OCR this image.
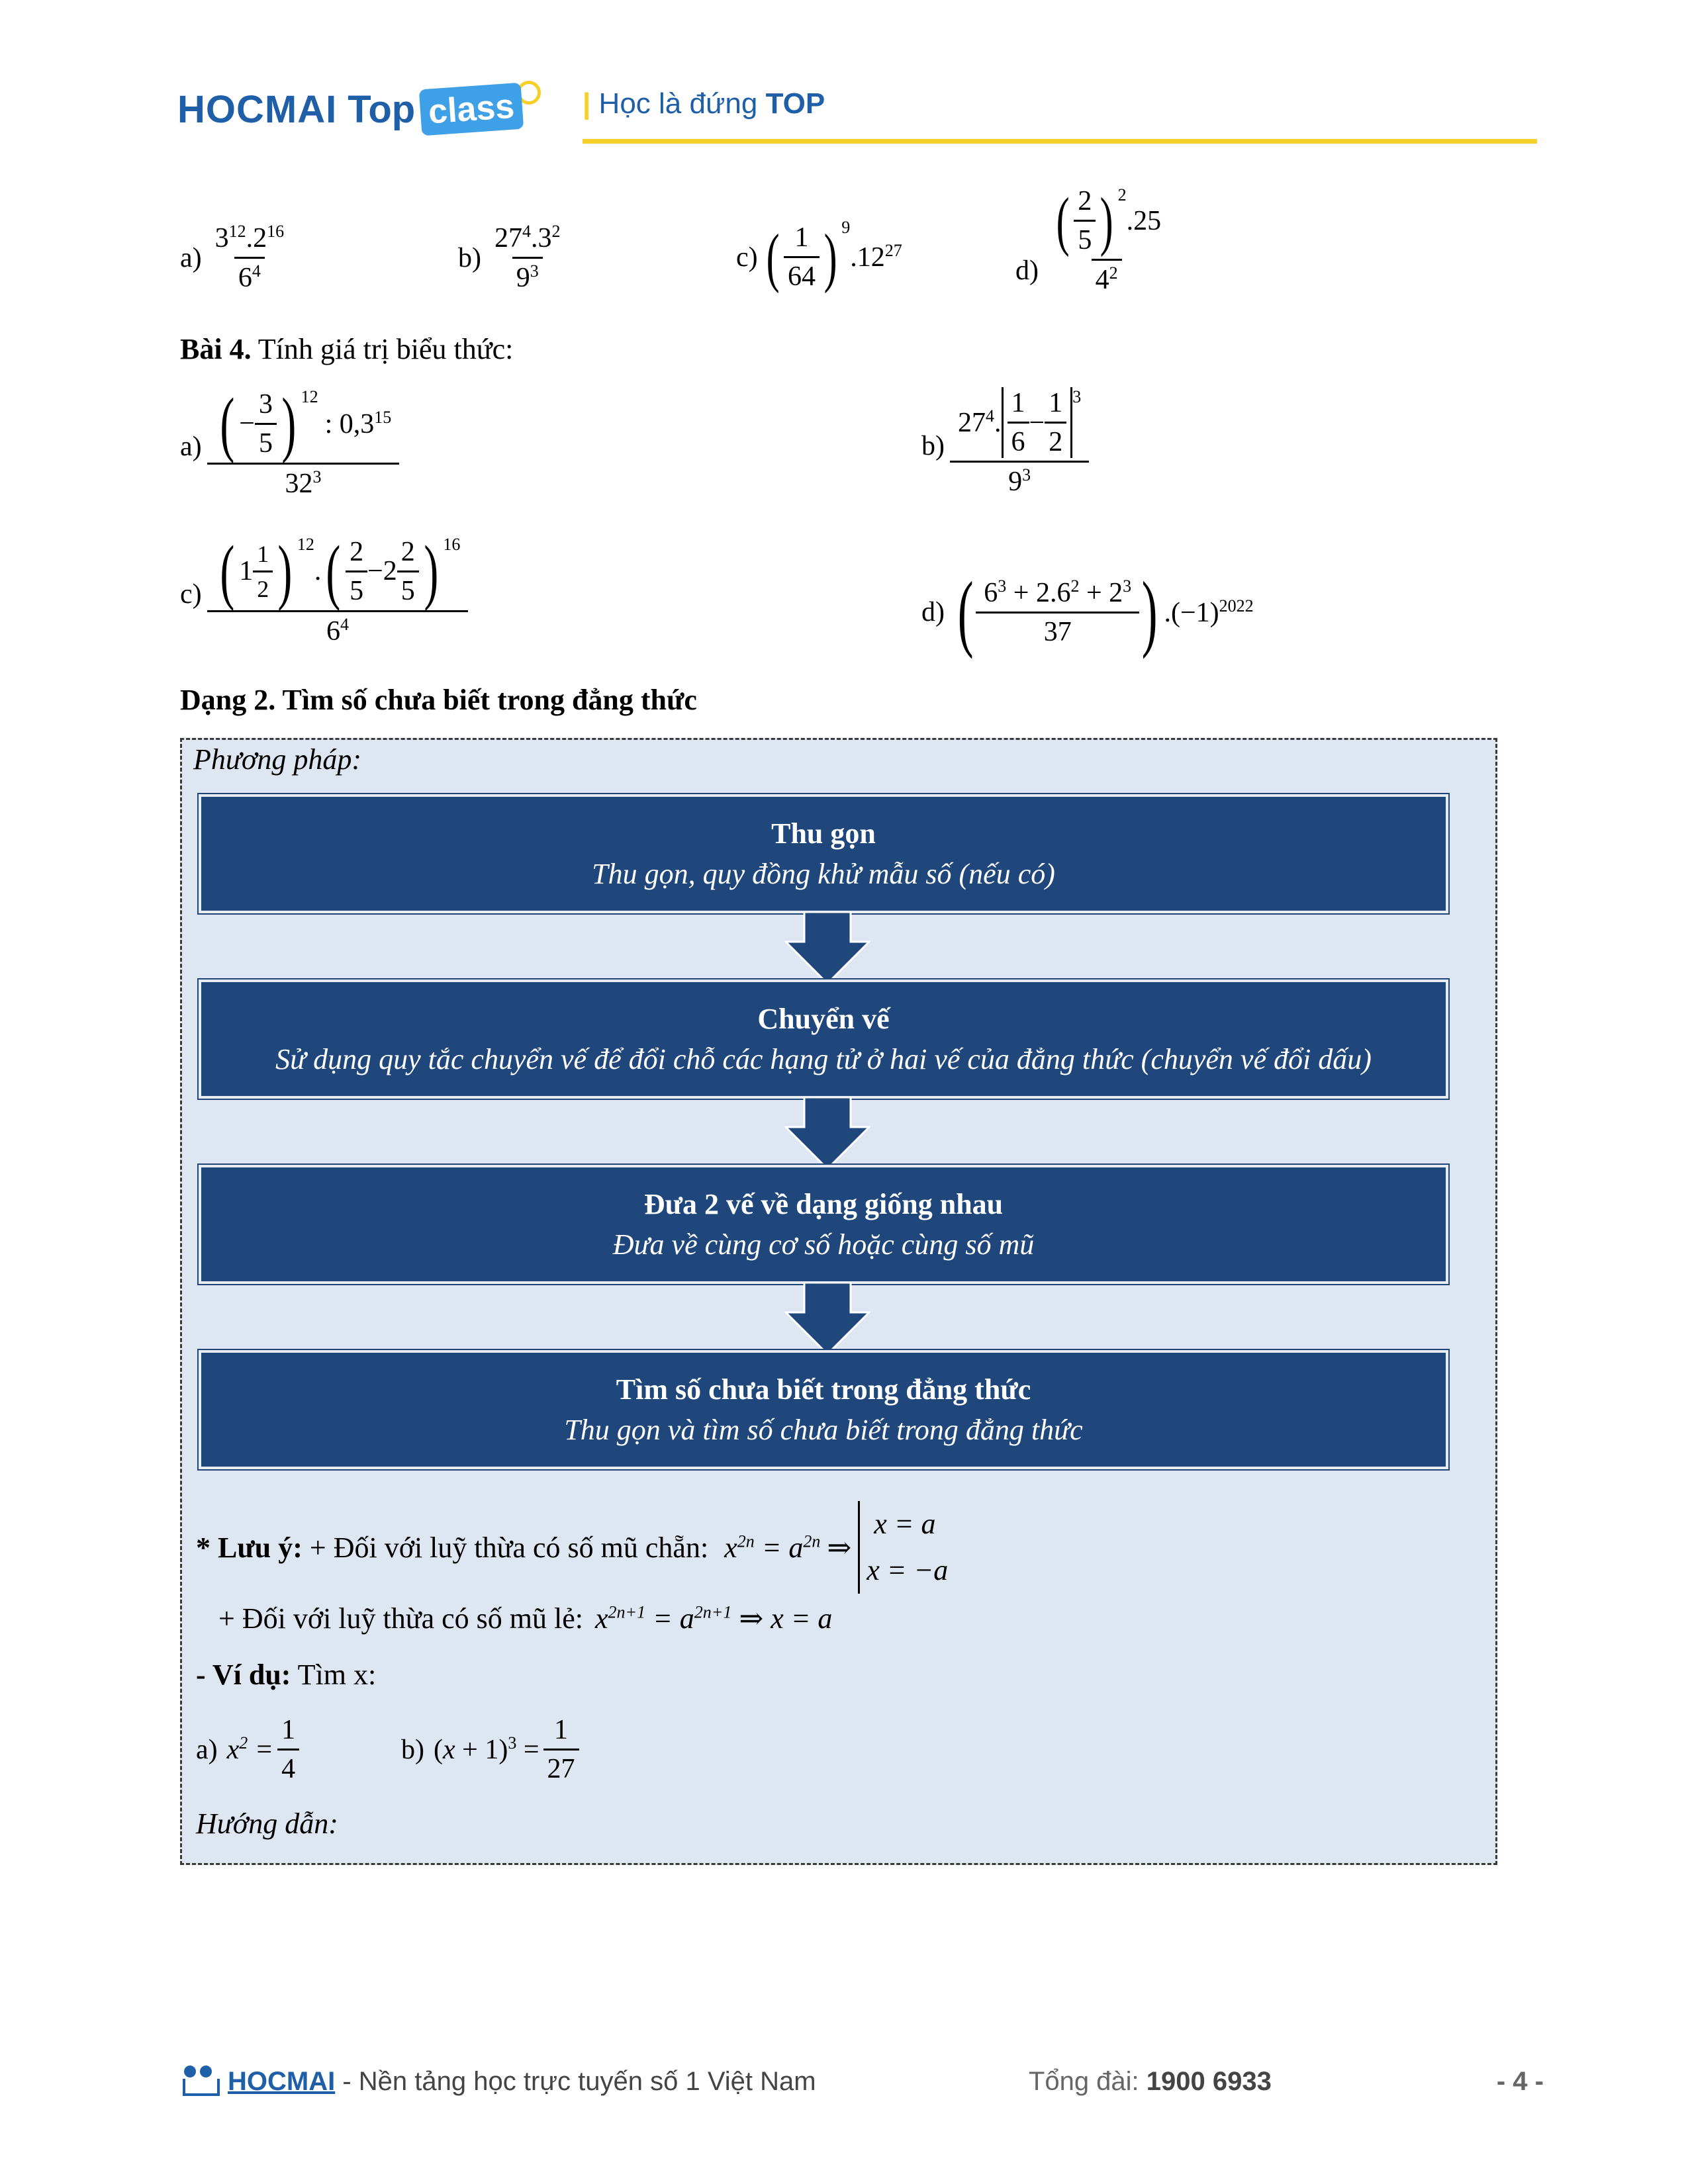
HOCMAI Top class | Học là đứng TOP
$a) \frac{3^{12}.2^{16}}{6^4}$	$b) \frac{27^4.3^2}{9^3}$	c) ( $\frac{1}{64}$ ) $^9$
$.12^{27}$
d) ( $\frac{2}{5}$ ) $^2$
.25
$4^2$
Bài 4. Tính giá trị biểu thức:
a) ( − $\frac{3}{5}$ ) $^{12}$
: $0,3^{15}$
$32^3$	$b) \frac{27^4. \frac{1}{6} - \frac{1}{2} ^3}{9^3}$
c) ( $1 \frac{1}{2}$ ) $^{12}$
. ( $\frac{2}{5} -2 \frac{2}{5}$ ) $^{16}$
$6^4$	d) ( $\frac{6^3 + 2.6^2 + 2^3}{37}$ ) $.(-1)^{2022}$
Dạng 2. Tìm số chưa biết trong đẳng thức
Phương pháp:
Thu gọn
Thu gọn, quy đồng khử mẫu số (nếu có)
Chuyển vế
Sử dụng quy tắc chuyển vế để đổi chỗ các hạng tử ở hai vế của đẳng thức (chuyển vế đổi dấu)
Đưa 2 vế về dạng giống nhau
Đưa về cùng cơ số hoặc cùng số mũ
Tìm số chưa biết trong đẳng thức
Thu gọn và tìm số chưa biết trong đẳng thức
* Lưu ý: + Đối với luỹ thừa có số mũ chẵn: $x^{2n} = a^{2n}$ ⇒
x = a
x = −a
+ Đối với luỹ thừa có số mũ lẻ: $x^{2n+1} = a^{2n+1}$ ⇒ x = a
- Ví dụ: Tìm x:
a) $x^2 = \frac{1}{4}$	b) $(x + 1)^3 = \frac{1}{27}$
Hướng dẫn:
HOCMAI - Nền tảng học trực tuyến số 1 Việt Nam	Tổng đài: 1900 6933	- 4 -
